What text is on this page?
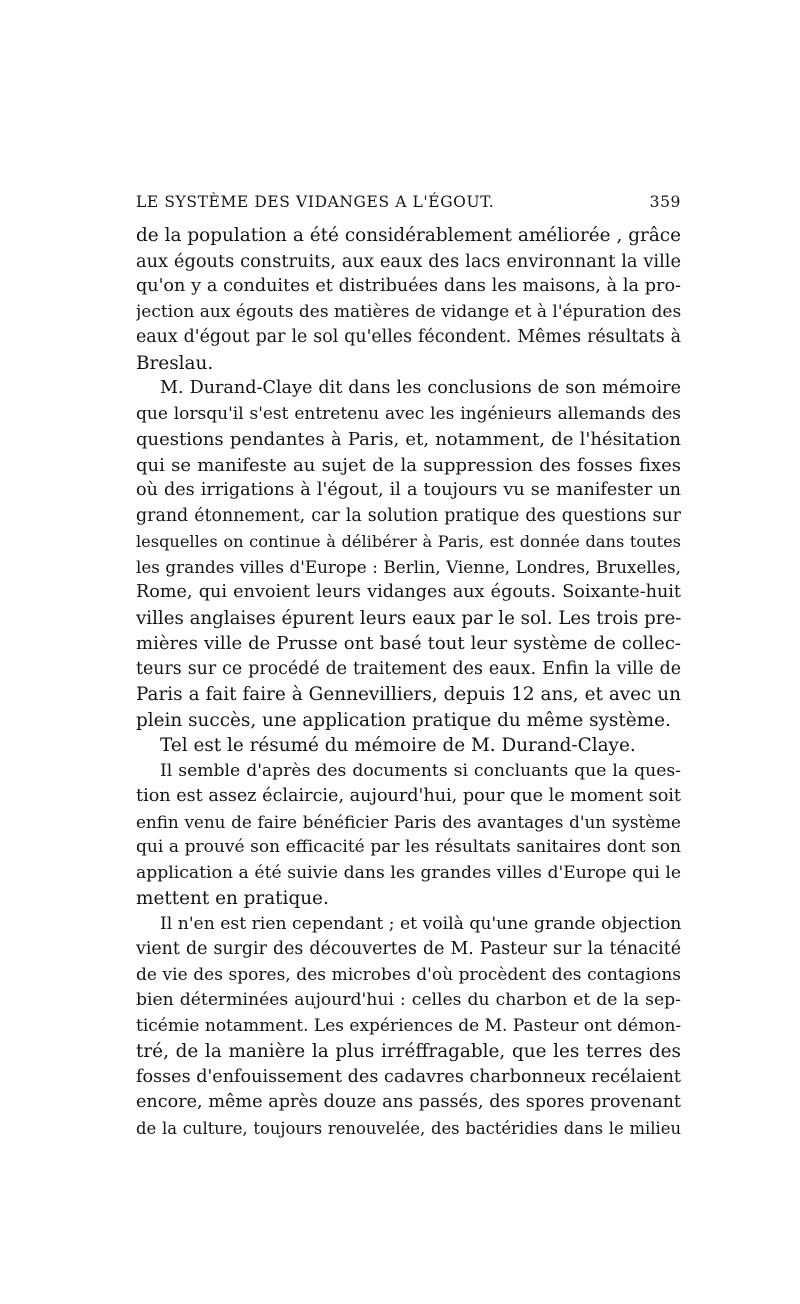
LE SYSTÈME DES VIDANGES A L'ÉGOUT.	359
de la population a été considérablement améliorée , grâce
aux égouts construits, aux eaux des lacs environnant la ville
qu'on y a conduites et distribuées dans les maisons, à la pro-
jection aux égouts des matières de vidange et à l'épuration des
eaux d'égout par le sol qu'elles fécondent. Mêmes résultats à
Breslau.
M. Durand-Claye dit dans les conclusions de son mémoire
que lorsqu'il s'est entretenu avec les ingénieurs allemands des
questions pendantes à Paris, et, notamment, de l'hésitation
qui se manifeste au sujet de la suppression des fosses fixes
où des irrigations à l'égout, il a toujours vu se manifester un
grand étonnement, car la solution pratique des questions sur
lesquelles on continue à délibérer à Paris, est donnée dans toutes
les grandes villes d'Europe : Berlin, Vienne, Londres, Bruxelles,
Rome, qui envoient leurs vidanges aux égouts. Soixante-huit
villes anglaises épurent leurs eaux par le sol. Les trois pre-
mières ville de Prusse ont basé tout leur système de collec-
teurs sur ce procédé de traitement des eaux. Enfin la ville de
Paris a fait faire à Gennevilliers, depuis 12 ans, et avec un
plein succès, une application pratique du même système.
Tel est le résumé du mémoire de M. Durand-Claye.
Il semble d'après des documents si concluants que la ques-
tion est assez éclaircie, aujourd'hui, pour que le moment soit
enfin venu de faire bénéficier Paris des avantages d'un système
qui a prouvé son efficacité par les résultats sanitaires dont son
application a été suivie dans les grandes villes d'Europe qui le
mettent en pratique.
Il n'en est rien cependant ; et voilà qu'une grande objection
vient de surgir des découvertes de M. Pasteur sur la ténacité
de vie des spores, des microbes d'où procèdent des contagions
bien déterminées aujourd'hui : celles du charbon et de la sep-
ticémie notamment. Les expériences de M. Pasteur ont démon-
tré, de la manière la plus irréffragable, que les terres des
fosses d'enfouissement des cadavres charbonneux recélaient
encore, même après douze ans passés, des spores provenant
de la culture, toujours renouvelée, des bactéridies dans le milieu
